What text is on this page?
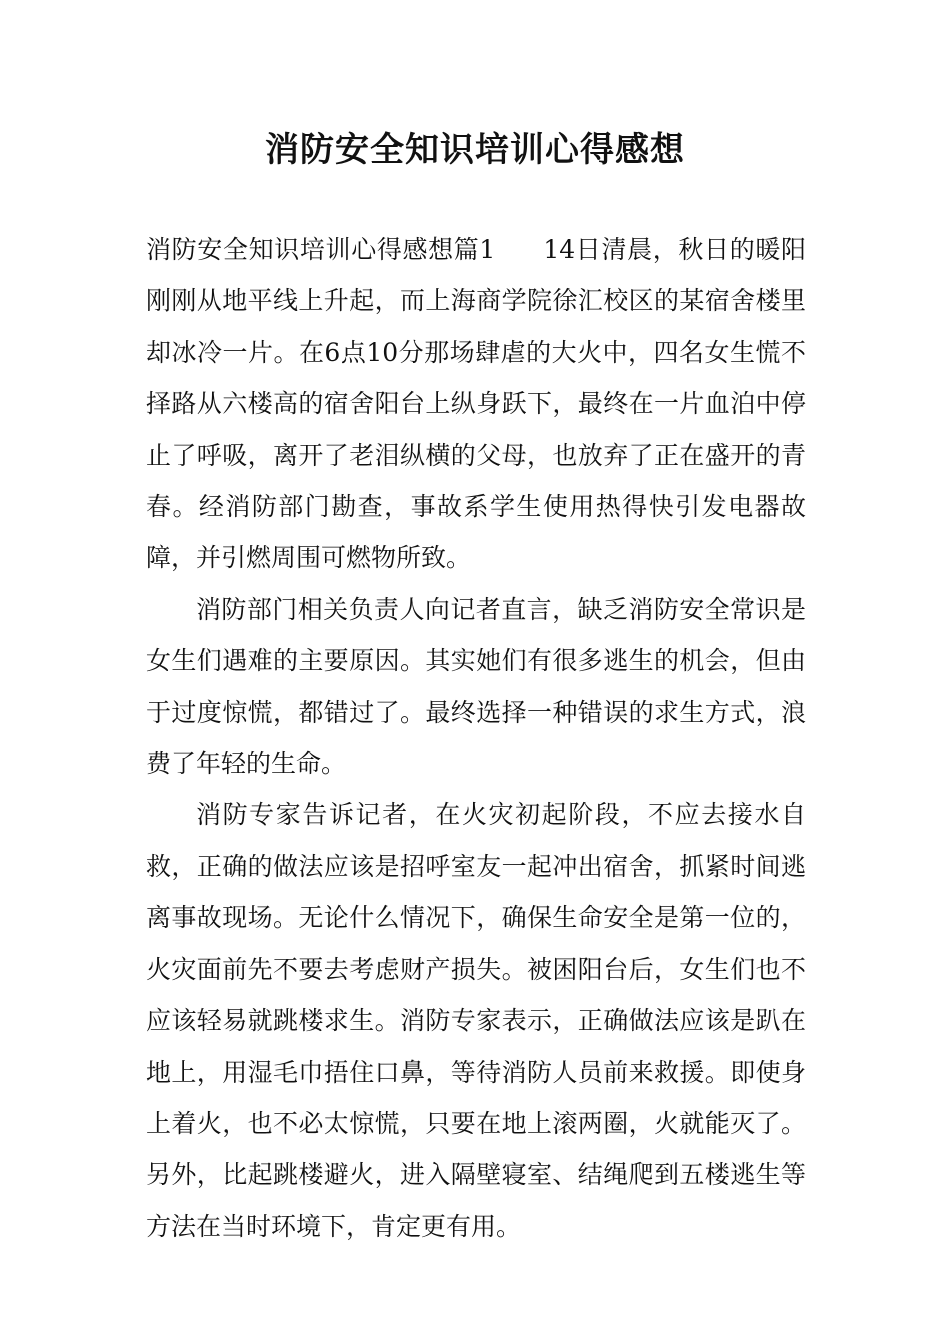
消防安全知识培训心得感想

消防安全知识培训心得感想篇1 14日清晨，秋日的暖阳刚刚从地平线上升起，而上海商学院徐汇校区的某宿舍楼里却冰冷一片。在6点10分那场肆虐的大火中，四名女生慌不择路从六楼高的宿舍阳台上纵身跃下，最终在一片血泊中停止了呼吸，离开了老泪纵横的父母，也放弃了正在盛开的青春。经消防部门勘查，事故系学生使用热得快引发电器故障，并引燃周围可燃物所致。

消防部门相关负责人向记者直言，缺乏消防安全常识是女生们遇难的主要原因。其实她们有很多逃生的机会，但由于过度惊慌，都错过了。最终选择一种错误的求生方式，浪费了年轻的生命。

消防专家告诉记者，在火灾初起阶段，不应去接水自救，正确的做法应该是招呼室友一起冲出宿舍，抓紧时间逃离事故现场。无论什么情况下，确保生命安全是第一位的，火灾面前先不要去考虑财产损失。被困阳台后，女生们也不应该轻易就跳楼求生。消防专家表示，正确做法应该是趴在地上，用湿毛巾捂住口鼻，等待消防人员前来救援。即使身上着火，也不必太惊慌，只要在地上滚两圈，火就能灭了。另外，比起跳楼避火，进入隔壁寝室、结绳爬到五楼逃生等方法在当时环境下，肯定更有用。
